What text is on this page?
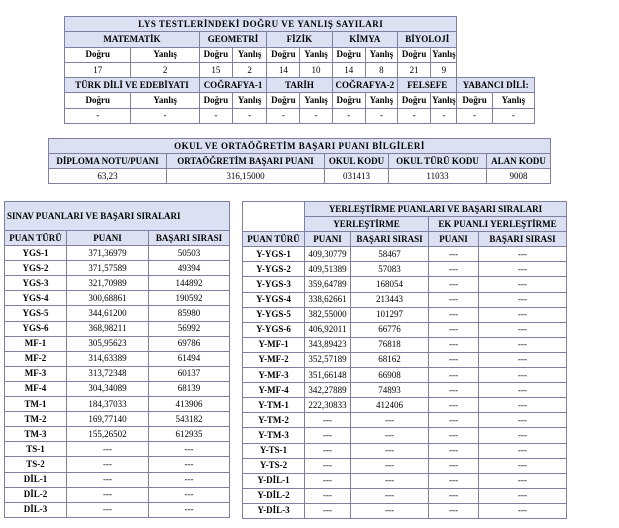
LYS TESTLERİNDEKİ DOĞRU VE YANLIŞ SAYILARI											
MATEMATİK		GEOMETRİ		FİZİK		KİMYA		BİYOLOJİ			
Doğru	Yanlış	Doğru	Yanlış	Doğru	Yanlış	Doğru	Yanlış	Doğru	Yanlış		
17	2	15	2	14	10	14	8	21	9		
TÜRK DİLİ VE EDEBİYATI		COĞRAFYA-1		TARİH		COĞRAFYA-2		FELSEFE		YABANCI DİLİ:	
Doğru	Yanlış	Doğru	Yanlış	Doğru	Yanlış	Doğru	Yanlış	Doğru	Yanlış	Doğru	Yanlış
-	-	-	-	-	-	-	-	-	-	-	-
OKUL VE ORTAÖĞRETİM BAŞARI PUANI BİLGİLERİ				
DİPLOMA NOTU/PUANI	ORTAÖĞRETİM BAŞARI PUANI	OKUL KODU	OKUL TÜRÜ KODU	ALAN KODU
63,23	316,15000	031413	11033	9008
SINAV PUANLARI VE BAŞARI SIRALARI		
PUAN TÜRÜ	PUANI	BAŞARI SIRASI
YGS-1	371,36979	50503
YGS-2	371,57589	49394
YGS-3	321,70989	144892
YGS-4	300,68861	190592
YGS-5	344,61200	85980
YGS-6	368,98211	56992
MF-1	305,95623	69786
MF-2	314,63389	61494
MF-3	313,72348	60137
MF-4	304,34089	68139
TM-1	184,37033	413906
TM-2	169,77140	543182
TM-3	155,26502	612935
TS-1	---	---
TS-2	---	---
DİL-1	---	---
DİL-2	---	---
DİL-3	---	---
	YERLEŞTİRME PUANLARI VE BAŞARI SIRALARI			
	YERLEŞTİRME		EK PUANLI YERLEŞTİRME	
PUAN TÜRÜ	PUANI	BAŞARI SIRASI	PUANI	BAŞARI SIRASI
Y-YGS-1	409,30779	58467	---	---
Y-YGS-2	409,51389	57083	---	---
Y-YGS-3	359,64789	168054	---	---
Y-YGS-4	338,62661	213443	---	---
Y-YGS-5	382,55000	101297	---	---
Y-YGS-6	406,92011	66776	---	---
Y-MF-1	343,89423	76818	---	---
Y-MF-2	352,57189	68162	---	---
Y-MF-3	351,66148	66908	---	---
Y-MF-4	342,27889	74893	---	---
Y-TM-1	222,30833	412406	---	---
Y-TM-2	---	---	---	---
Y-TM-3	---	---	---	---
Y-TS-1	---	---	---	---
Y-TS-2	---	---	---	---
Y-DİL-1	---	---	---	---
Y-DİL-2	---	---	---	---
Y-DİL-3	---	---	---	---
